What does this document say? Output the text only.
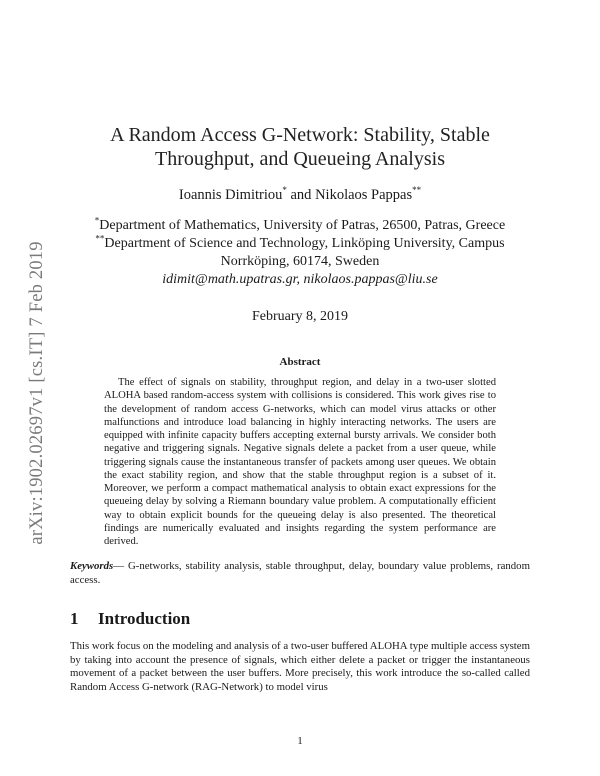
arXiv:1902.02697v1 [cs.IT] 7 Feb 2019
A Random Access G-Network: Stability, Stable Throughput, and Queueing Analysis
Ioannis Dimitriou* and Nikolaos Pappas**
*Department of Mathematics, University of Patras, 26500, Patras, Greece
**Department of Science and Technology, Linköping University, Campus Norrköping, 60174, Sweden
idimit@math.upatras.gr, nikolaos.pappas@liu.se
February 8, 2019
Abstract
The effect of signals on stability, throughput region, and delay in a two-user slotted ALOHA based random-access system with collisions is considered. This work gives rise to the development of random access G-networks, which can model virus attacks or other malfunctions and introduce load balancing in highly interacting networks. The users are equipped with infinite capacity buffers accepting external bursty arrivals. We consider both negative and triggering signals. Negative signals delete a packet from a user queue, while triggering signals cause the instantaneous transfer of packets among user queues. We obtain the exact stability region, and show that the stable throughput region is a subset of it. Moreover, we perform a compact mathematical analysis to obtain exact expressions for the queueing delay by solving a Riemann boundary value problem. A computationally efficient way to obtain explicit bounds for the queueing delay is also presented. The theoretical findings are numerically evaluated and insights regarding the system performance are derived.
Keywords— G-networks, stability analysis, stable throughput, delay, boundary value problems, random access.
1 Introduction
This work focus on the modeling and analysis of a two-user buffered ALOHA type multiple access system by taking into account the presence of signals, which either delete a packet or trigger the instantaneous movement of a packet between the user buffers. More precisely, this work introduce the so-called called Random Access G-network (RAG-Network) to model virus
1
